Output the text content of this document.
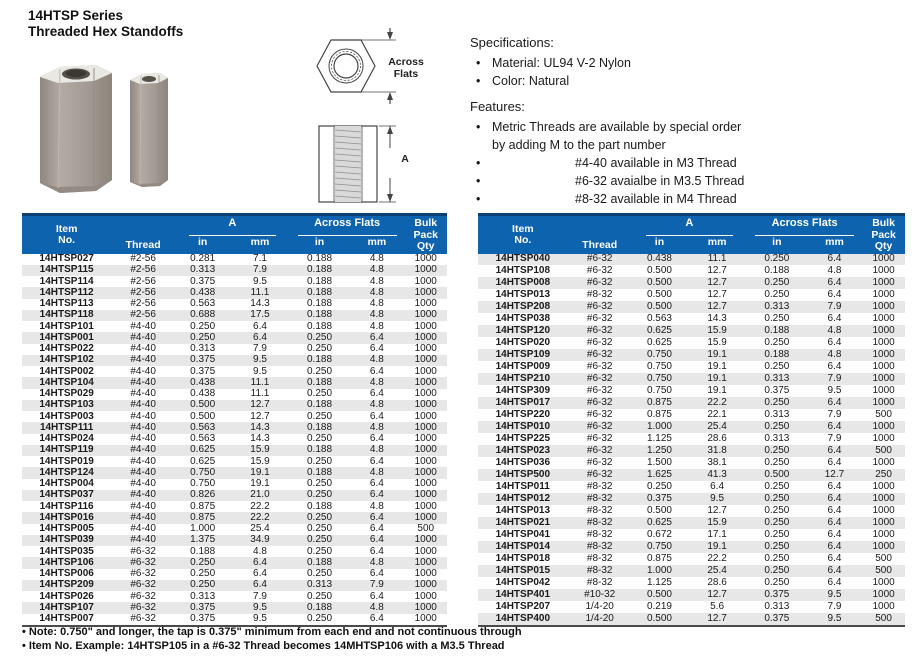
14HTSP Series
Threaded Hex Standoffs
Across
Flats
A
Specifications:
• Material: UL94 V-2 Nylon
• Color: Natural
Features:
• Metric Threads are available by special order
by adding M to the part number
•	#4-40 available in M3 Thread
•	#6-32 avaialbe in M3.5 Thread
•	#8-32 available in M4 Thread
Item
No.	Thread
A	Across Flats	Bulk
Pack
Qty
in	mm	in	mm
14HTSP027	#2-56	0.281	7.1	0.188	4.8	1000
14HTSP115	#2-56	0.313	7.9	0.188	4.8	1000
14HTSP114	#2-56	0.375	9.5	0.188	4.8	1000
14HTSP112	#2-56	0.438	11.1	0.188	4.8	1000
14HTSP113	#2-56	0.563	14.3	0.188	4.8	1000
14HTSP118	#2-56	0.688	17.5	0.188	4.8	1000
14HTSP101	#4-40	0.250	6.4	0.188	4.8	1000
14HTSP001	#4-40	0.250	6.4	0.250	6.4	1000
14HTSP022	#4-40	0.313	7.9	0.250	6.4	1000
14HTSP102	#4-40	0.375	9.5	0.188	4.8	1000
14HTSP002	#4-40	0.375	9.5	0.250	6.4	1000
14HTSP104	#4-40	0.438	11.1	0.188	4.8	1000
14HTSP029	#4-40	0.438	11.1	0.250	6.4	1000
14HTSP103	#4-40	0.500	12.7	0.188	4.8	1000
14HTSP003	#4-40	0.500	12.7	0.250	6.4	1000
14HTSP111	#4-40	0.563	14.3	0.188	4.8	1000
14HTSP024	#4-40	0.563	14.3	0.250	6.4	1000
14HTSP119	#4-40	0.625	15.9	0.188	4.8	1000
14HTSP019	#4-40	0.625	15.9	0.250	6.4	1000
14HTSP124	#4-40	0.750	19.1	0.188	4.8	1000
14HTSP004	#4-40	0.750	19.1	0.250	6.4	1000
14HTSP037	#4-40	0.826	21.0	0.250	6.4	1000
14HTSP116	#4-40	0.875	22.2	0.188	4.8	1000
14HTSP016	#4-40	0.875	22.2	0.250	6.4	1000
14HTSP005	#4-40	1.000	25.4	0.250	6.4	500
14HTSP039	#4-40	1.375	34.9	0.250	6.4	1000
14HTSP035	#6-32	0.188	4.8	0.250	6.4	1000
14HTSP106	#6-32	0.250	6.4	0.188	4.8	1000
14HTSP006	#6-32	0.250	6.4	0.250	6.4	1000
14HTSP209	#6-32	0.250	6.4	0.313	7.9	1000
14HTSP026	#6-32	0.313	7.9	0.250	6.4	1000
14HTSP107	#6-32	0.375	9.5	0.188	4.8	1000
14HTSP007	#6-32	0.375	9.5	0.250	6.4	1000
Item
No.	Thread
A	Across Flats	Bulk
Pack
Qty
in	mm	in	mm
14HTSP040	#6-32	0.438	11.1	0.250	6.4	1000
14HTSP108	#6-32	0.500	12.7	0.188	4.8	1000
14HTSP008	#6-32	0.500	12.7	0.250	6.4	1000
14HTSP013	#8-32	0.500	12.7	0.250	6.4	1000
14HTSP208	#6-32	0.500	12.7	0.313	7.9	1000
14HTSP038	#6-32	0.563	14.3	0.250	6.4	1000
14HTSP120	#6-32	0.625	15.9	0.188	4.8	1000
14HTSP020	#6-32	0.625	15.9	0.250	6.4	1000
14HTSP109	#6-32	0.750	19.1	0.188	4.8	1000
14HTSP009	#6-32	0.750	19.1	0.250	6.4	1000
14HTSP210	#6-32	0.750	19.1	0.313	7.9	1000
14HTSP309	#6-32	0.750	19.1	0.375	9.5	1000
14HTSP017	#6-32	0.875	22.2	0.250	6.4	1000
14HTSP220	#6-32	0.875	22.1	0.313	7.9	500
14HTSP010	#6-32	1.000	25.4	0.250	6.4	1000
14HTSP225	#6-32	1.125	28.6	0.313	7.9	1000
14HTSP023	#6-32	1.250	31.8	0.250	6.4	500
14HTSP036	#6-32	1.500	38.1	0.250	6.4	1000
14HTSP500	#6-32	1.625	41.3	0.500	12.7	250
14HTSP011	#8-32	0.250	6.4	0.250	6.4	1000
14HTSP012	#8-32	0.375	9.5	0.250	6.4	1000
14HTSP013	#8-32	0.500	12.7	0.250	6.4	1000
14HTSP021	#8-32	0.625	15.9	0.250	6.4	1000
14HTSP041	#8-32	0.672	17.1	0.250	6.4	1000
14HTSP014	#8-32	0.750	19.1	0.250	6.4	1000
14HTSP018	#8-32	0.875	22.2	0.250	6.4	500
14HTSP015	#8-32	1.000	25.4	0.250	6.4	500
14HTSP042	#8-32	1.125	28.6	0.250	6.4	1000
14HTSP401	#10-32	0.500	12.7	0.375	9.5	1000
14HTSP207	1/4-20	0.219	5.6	0.313	7.9	1000
14HTSP400	1/4-20	0.500	12.7	0.375	9.5	500
• Note: 0.750" and longer, the tap is 0.375" minimum from each end and not continuous through
• Item No. Example: 14HTSP105 in a #6-32 Thread becomes 14MHTSP106 with a M3.5 Thread
